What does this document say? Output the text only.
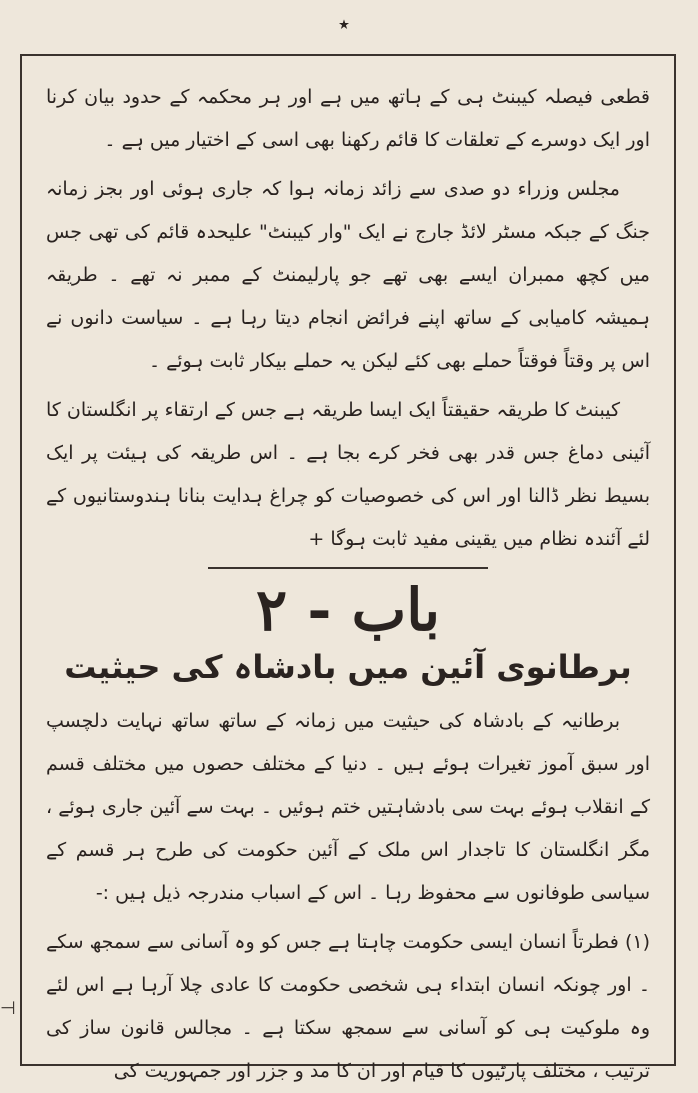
٭

قطعی فیصلہ کیبنٹ ہی کے ہاتھ میں ہے اور ہر محکمہ کے حدود بیان کرنا اور ایک دوسرے کے تعلقات کا قائم رکھنا بھی اسی کے اختیار میں ہے ۔

مجلس وزراء دو صدی سے زائد زمانہ ہوا کہ جاری ہوئی اور بجز زمانہ جنگ کے جبکہ مسٹر لائڈ جارج نے ایک "وار کیبنٹ" علیحدہ قائم کی تھی جس میں کچھ ممبران ایسے بھی تھے جو پارلیمنٹ کے ممبر نہ تھے ۔ طریقہ ہمیشہ کامیابی کے ساتھ اپنے فرائض انجام دیتا رہا ہے ۔ سیاست دانوں نے اس پر وقتاً فوقتاً حملے بھی کئے لیکن یہ حملے بیکار ثابت ہوئے ۔

کیبنٹ کا طریقہ حقیقتاً ایک ایسا طریقہ ہے جس کے ارتقاء پر انگلستان کا آئینی دماغ جس قدر بھی فخر کرے بجا ہے ۔ اس طریقہ کی ہیئت پر ایک بسیط نظر ڈالنا اور اس کی خصوصیات کو چراغ ہدایت بنانا ہندوستانیوں کے لئے آئندہ نظام میں یقینی مفید ثابت ہوگا +

باب - ۲
برطانوی آئین میں بادشاہ کی حیثیت

برطانیہ کے بادشاہ کی حیثیت میں زمانہ کے ساتھ ساتھ نہایت دلچسپ اور سبق آموز تغیرات ہوئے ہیں ۔ دنیا کے مختلف حصوں میں مختلف قسم کے انقلاب ہوئے بہت سی بادشاہتیں ختم ہوئیں ۔ بہت سے آئین جاری ہوئے ، مگر انگلستان کا تاجدار اس ملک کے آئین حکومت کی طرح ہر قسم کے سیاسی طوفانوں سے محفوظ رہا ۔ اس کے اسباب مندرجہ ذیل ہیں :-

(۱) فطرتاً انسان ایسی حکومت چاہتا ہے جس کو وہ آسانی سے سمجھ سکے ۔ اور چونکہ انسان ابتداء ہی شخصی حکومت کا عادی چلا آرہا ہے اس لئے وہ ملوکیت ہی کو آسانی سے سمجھ سکتا ہے ۔ مجالس قانون ساز کی ترتیب ، مختلف پارٹیوں کا قیام اور ان کا مد و جزر اور جمہوریت کی

⊣
